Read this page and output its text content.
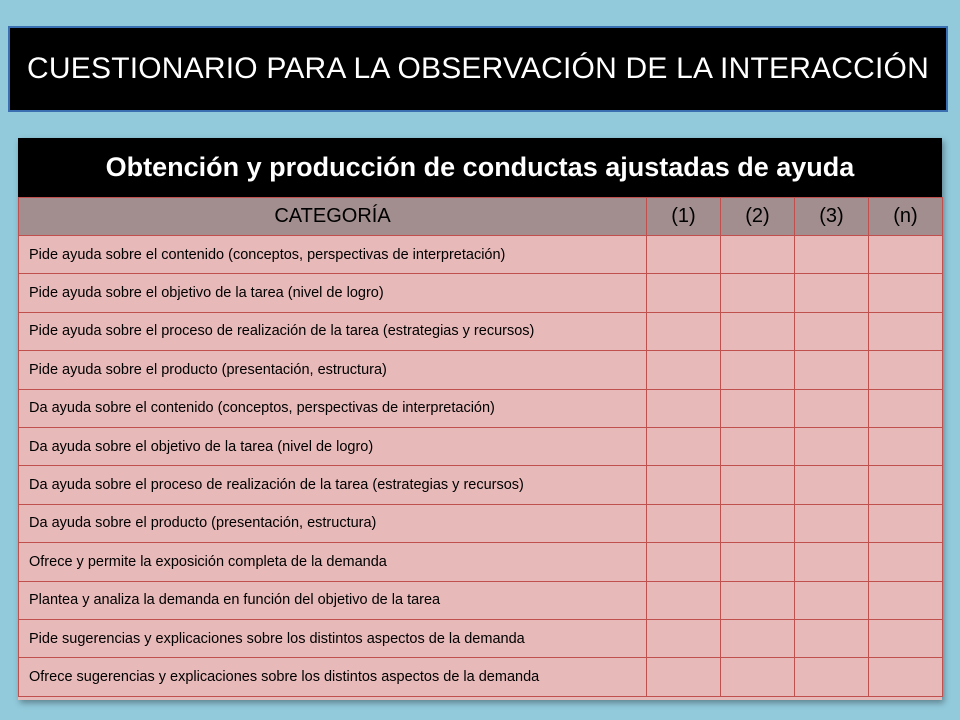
CUESTIONARIO PARA LA OBSERVACIÓN DE LA INTERACCIÓN
Obtención y producción de conductas ajustadas de ayuda
CATEGORÍA	(1)	(2)	(3)	(n)
Pide ayuda sobre el contenido (conceptos, perspectivas de interpretación)				
Pide ayuda sobre el objetivo de la tarea (nivel de logro)				
Pide ayuda sobre el proceso de realización de la tarea (estrategias y recursos)				
Pide ayuda sobre el producto (presentación, estructura)				
Da ayuda sobre el contenido (conceptos, perspectivas de interpretación)				
Da ayuda sobre el objetivo de la tarea (nivel de logro)				
Da ayuda sobre el proceso de realización de la tarea (estrategias y recursos)				
Da ayuda sobre el producto (presentación, estructura)				
Ofrece y permite la exposición completa de la demanda				
Plantea y analiza la demanda en función del objetivo de la tarea				
Pide sugerencias y explicaciones sobre los distintos aspectos de la demanda				
Ofrece sugerencias y explicaciones sobre los distintos aspectos de la demanda				
